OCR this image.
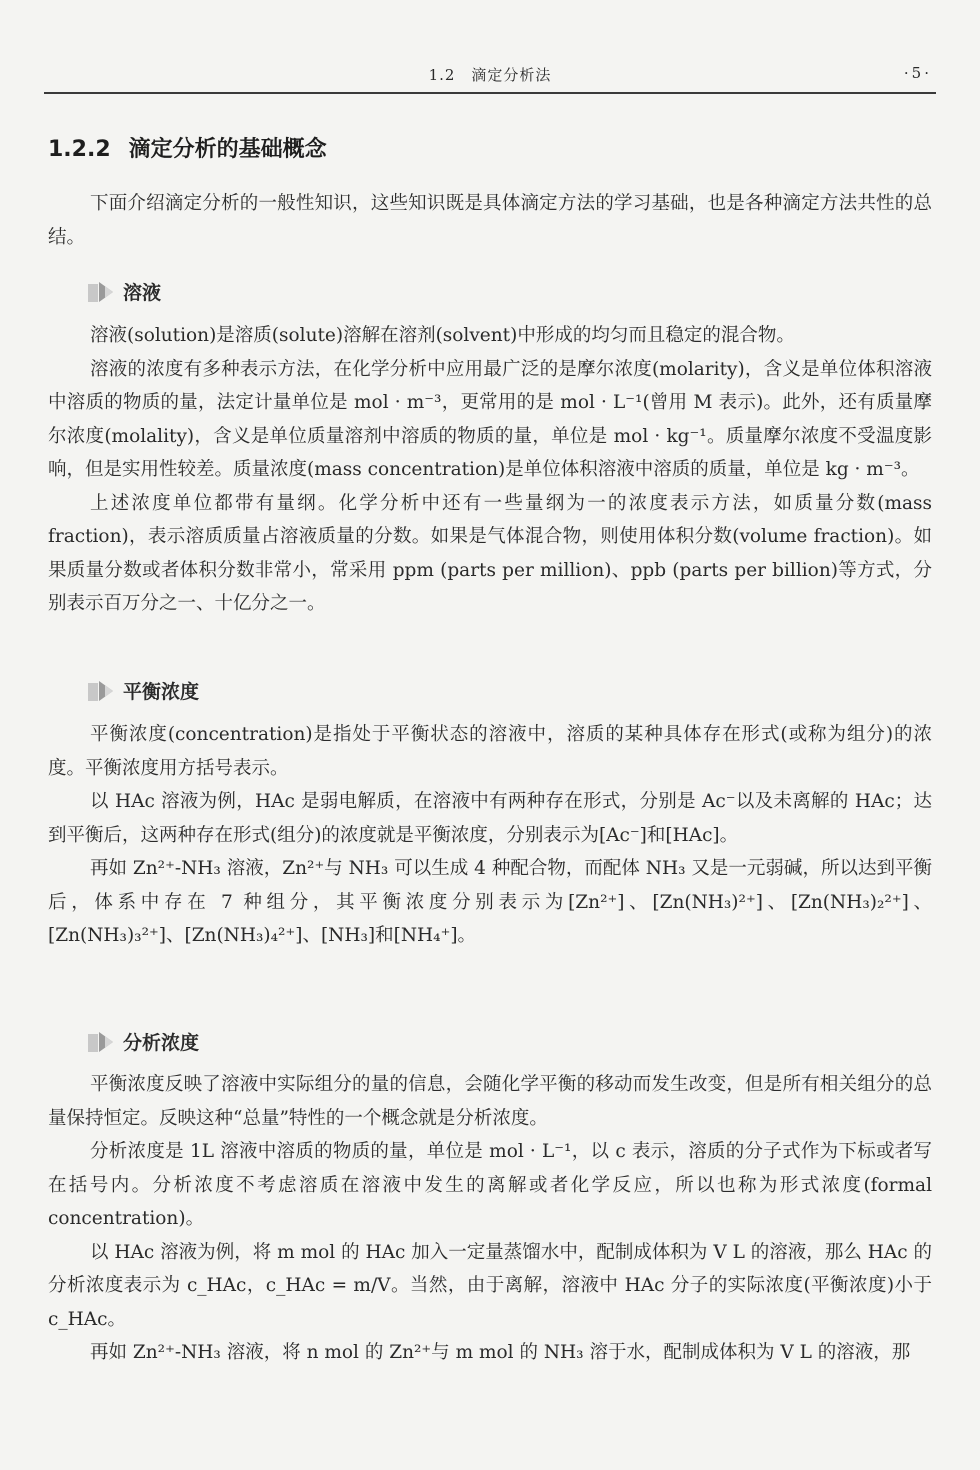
1.2　滴定分析法	·5·
1.2.2 滴定分析的基础概念

下面介绍滴定分析的一般性知识，这些知识既是具体滴定方法的学习基础，也是各种滴定方法共性的总结。

溶液

溶液(solution)是溶质(solute)溶解在溶剂(solvent)中形成的均匀而且稳定的混合物。

溶液的浓度有多种表示方法，在化学分析中应用最广泛的是摩尔浓度(molarity)，含义是单位体积溶液中溶质的物质的量，法定计量单位是 mol · m⁻³，更常用的是 mol · L⁻¹(曾用 M 表示)。此外，还有质量摩尔浓度(molality)，含义是单位质量溶剂中溶质的物质的量，单位是 mol · kg⁻¹。质量摩尔浓度不受温度影响，但是实用性较差。质量浓度(mass concentration)是单位体积溶液中溶质的质量，单位是 kg · m⁻³。

上述浓度单位都带有量纲。化学分析中还有一些量纲为一的浓度表示方法，如质量分数(mass fraction)，表示溶质质量占溶液质量的分数。如果是气体混合物，则使用体积分数(volume fraction)。如果质量分数或者体积分数非常小，常采用 ppm (parts per million)、ppb (parts per billion)等方式，分别表示百万分之一、十亿分之一。

平衡浓度

平衡浓度(concentration)是指处于平衡状态的溶液中，溶质的某种具体存在形式(或称为组分)的浓度。平衡浓度用方括号表示。

以 HAc 溶液为例，HAc 是弱电解质，在溶液中有两种存在形式，分别是 Ac⁻以及未离解的 HAc；达到平衡后，这两种存在形式(组分)的浓度就是平衡浓度，分别表示为[Ac⁻]和[HAc]。

再如 Zn²⁺-NH₃ 溶液，Zn²⁺与 NH₃ 可以生成 4 种配合物，而配体 NH₃ 又是一元弱碱，所以达到平衡后，体系中存在 7 种组分，其平衡浓度分别表示为[Zn²⁺]、[Zn(NH₃)²⁺]、[Zn(NH₃)₂²⁺]、[Zn(NH₃)₃²⁺]、[Zn(NH₃)₄²⁺]、[NH₃]和[NH₄⁺]。

分析浓度

平衡浓度反映了溶液中实际组分的量的信息，会随化学平衡的移动而发生改变，但是所有相关组分的总量保持恒定。反映这种“总量”特性的一个概念就是分析浓度。

分析浓度是 1L 溶液中溶质的物质的量，单位是 mol · L⁻¹，以 c 表示，溶质的分子式作为下标或者写在括号内。分析浓度不考虑溶质在溶液中发生的离解或者化学反应，所以也称为形式浓度(formal concentration)。

以 HAc 溶液为例，将 m mol 的 HAc 加入一定量蒸馏水中，配制成体积为 V L 的溶液，那么 HAc 的分析浓度表示为 c_HAc，c_HAc = m/V。当然，由于离解，溶液中 HAc 分子的实际浓度(平衡浓度)小于 c_HAc。

再如 Zn²⁺-NH₃ 溶液，将 n mol 的 Zn²⁺与 m mol 的 NH₃ 溶于水，配制成体积为 V L 的溶液，那
